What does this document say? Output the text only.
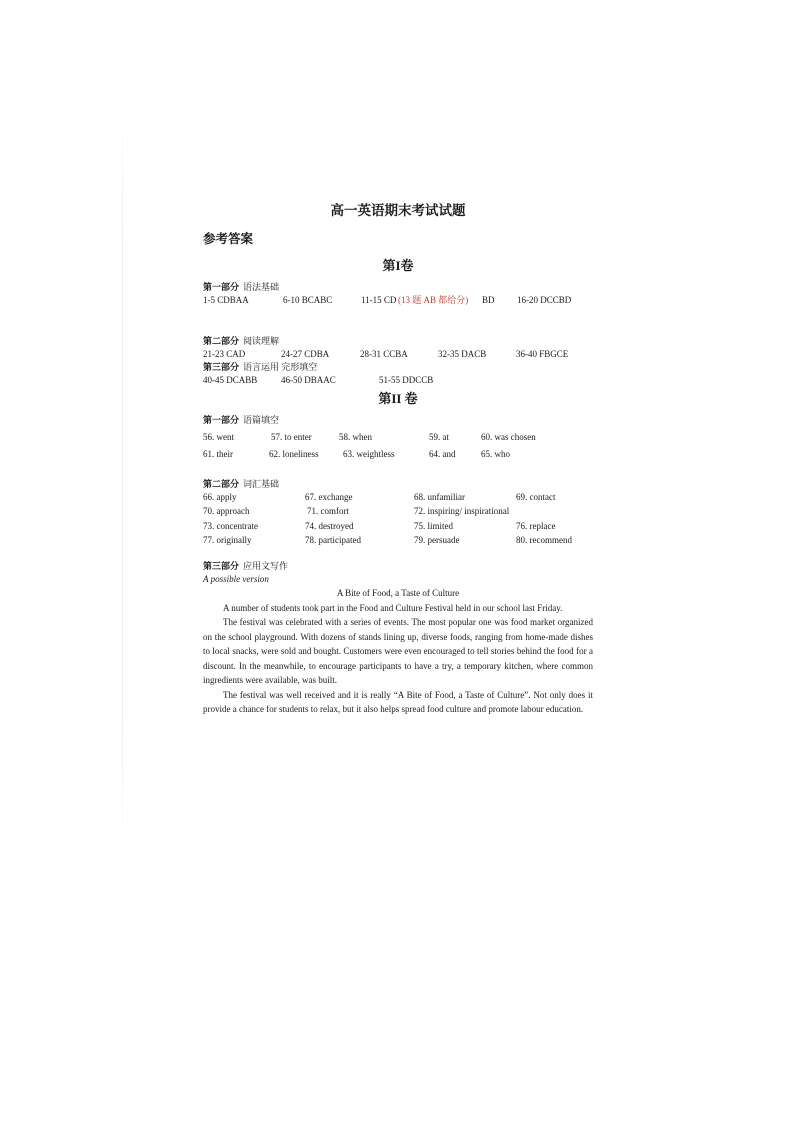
高一英语期末考试试题
参考答案
第I卷
第一部分 语法基础
1-5 CDBAA	6-10 BCABC	11-15 CD (13 题 AB 都给分) BD 16-20 DCCBD
第二部分 阅读理解
21-23 CAD	24-27 CDBA	28-31 CCBA	32-35 DACB	36-40 FBGCE
第三部分 语言运用 完形填空
40-45 DCABB	46-50 DBAAC	51-55 DDCCB
第II 卷
第一部分 语篇填空
56. went	57. to enter	58. when	59. at	60. was chosen
61. their	62. loneliness	63. weightless	64. and	65. who
第二部分 词汇基础
66. apply	67. exchange	68. unfamiliar	69. contact
70. approach	71. comfort	72. inspiring/ inspirational
73. concentrate	74. destroyed	75. limited	76. replace
77. originally	78. participated	79. persuade	80. recommend
第三部分 应用文写作
A possible version
A Bite of Food, a Taste of Culture

A number of students took part in the Food and Culture Festival held in our school last Friday.

The festival was celebrated with a series of events. The most popular one was food market organized on the school playground. With dozens of stands lining up, diverse foods, ranging from home-made dishes to local snacks, were sold and bought. Customers were even encouraged to tell stories behind the food for a discount. In the meanwhile, to encourage participants to have a try, a temporary kitchen, where common ingredients were available, was built.

The festival was well received and it is really “A Bite of Food, a Taste of Culture”. Not only does it provide a chance for students to relax, but it also helps spread food culture and promote labour education.
